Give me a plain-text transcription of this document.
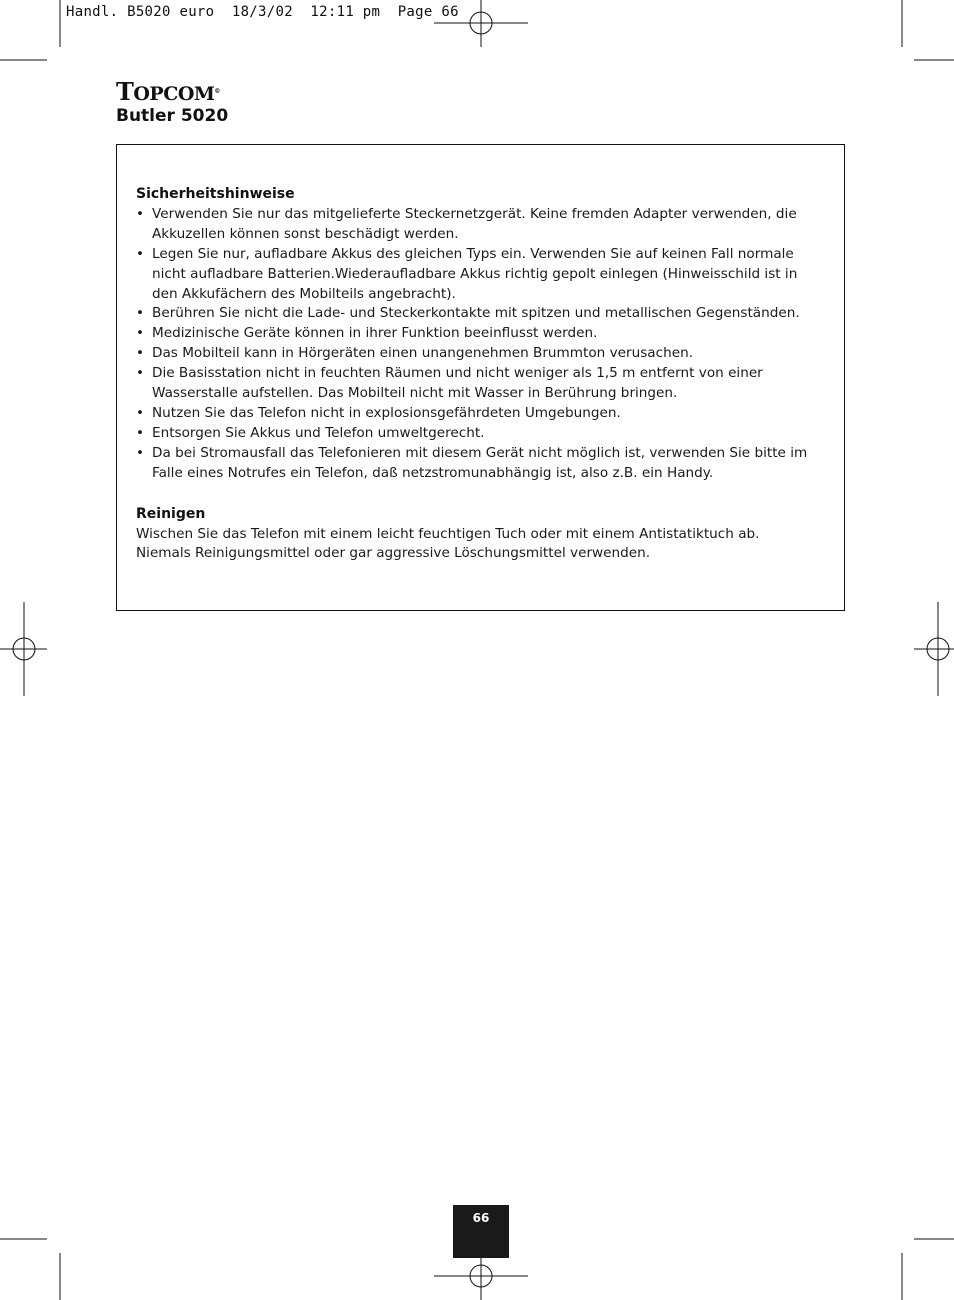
Handl. B5020 euro  18/3/02  12:11 pm  Page 66
TOPCOM®
Butler 5020
Sicherheitshinweise
• Verwenden Sie nur das mitgelieferte Steckernetzgerät. Keine fremden Adapter verwenden, die Akkuzellen können sonst beschädigt werden.
• Legen Sie nur, aufladbare Akkus des gleichen Typs ein. Verwenden Sie auf keinen Fall normale nicht aufladbare Batterien.Wiederaufladbare Akkus richtig gepolt einlegen (Hinweisschild ist in den Akkufächern des Mobilteils angebracht).
• Berühren Sie nicht die Lade- und Steckerkontakte mit spitzen und metallischen Gegenständen.
• Medizinische Geräte können in ihrer Funktion beeinflusst werden.
• Das Mobilteil kann in Hörgeräten einen unangenehmen Brummton verusachen.
• Die Basisstation nicht in feuchten Räumen und nicht weniger als 1,5 m entfernt von einer Wasserstalle aufstellen. Das Mobilteil nicht mit Wasser in Berührung bringen.
• Nutzen Sie das Telefon nicht in explosionsgefährdeten Umgebungen.
• Entsorgen Sie Akkus und Telefon umweltgerecht.
• Da bei Stromausfall das Telefonieren mit diesem Gerät nicht möglich ist, verwenden Sie bitte im Falle eines Notrufes ein Telefon, daß netzstromunabhängig ist, also z.B. ein Handy.
Reinigen

Wischen Sie das Telefon mit einem leicht feuchtigen Tuch oder mit einem Antistatiktuch ab.

Niemals Reinigungsmittel oder gar aggressive Löschungsmittel verwenden.

66
